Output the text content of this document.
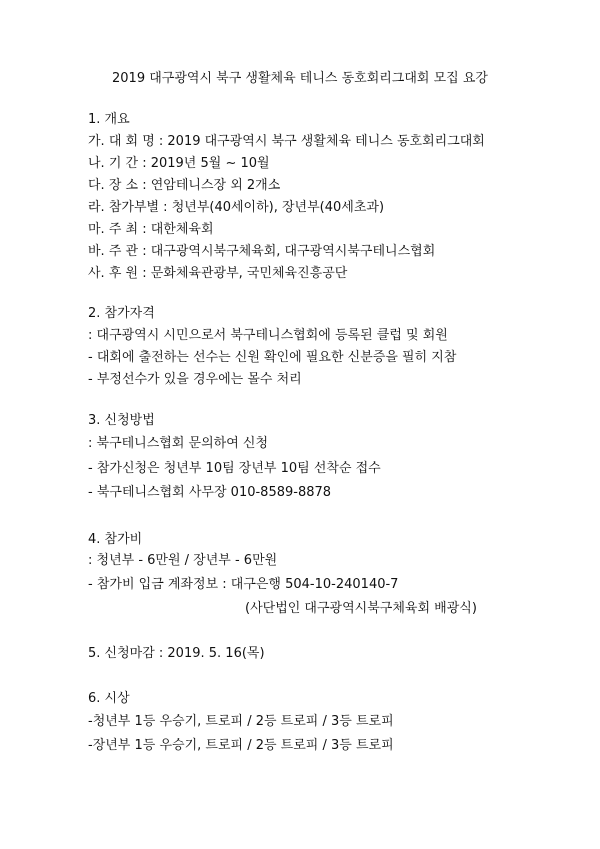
2019 대구광역시 북구 생활체육 테니스 동호회리그대회 모집 요강
1. 개요
가. 대 회 명 : 2019 대구광역시 북구 생활체육 테니스 동호회리그대회
나. 기 간 : 2019년 5월 ~ 10월
다. 장 소 : 연암테니스장 외 2개소
라. 참가부별 : 청년부(40세이하), 장년부(40세초과)
마. 주 최 : 대한체육회
바. 주 관 : 대구광역시북구체육회, 대구광역시북구테니스협회
사. 후 원 : 문화체육관광부, 국민체육진흥공단
2. 참가자격
: 대구광역시 시민으로서 북구테니스협회에 등록된 클럽 및 회원
- 대회에 출전하는 선수는 신원 확인에 필요한 신분증을 필히 지참
- 부정선수가 있을 경우에는 몰수 처리
3. 신청방법
: 북구테니스협회 문의하여 신청
- 참가신청은 청년부 10팀 장년부 10팀 선착순 접수
- 북구테니스협회 사무장 010-8589-8878
4. 참가비
: 청년부 - 6만원 / 장년부 - 6만원
- 참가비 입금 계좌정보 : 대구은행 504-10-240140-7
(사단법인 대구광역시북구체육회 배광식)
5. 신청마감 : 2019. 5. 16(목)
6. 시상
-청년부 1등 우승기, 트로피 / 2등 트로피 / 3등 트로피
-장년부 1등 우승기, 트로피 / 2등 트로피 / 3등 트로피
